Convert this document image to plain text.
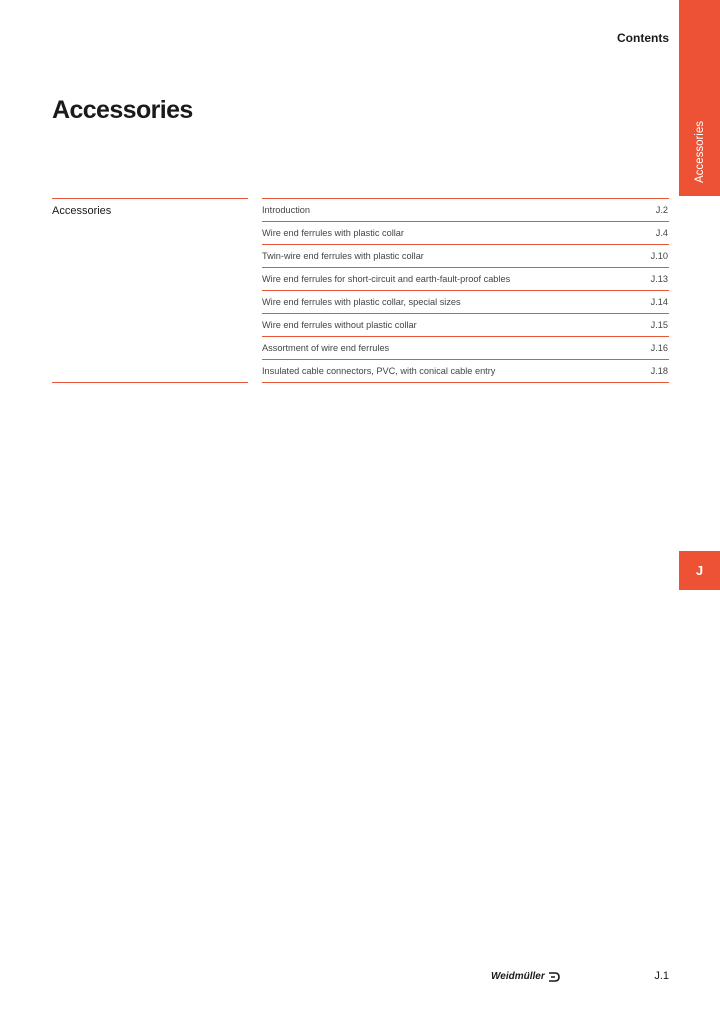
Contents
Accessories
J
Accessories
Accessories	Introduction	J.2
Wire end ferrules with plastic collar	J.4
Twin-wire end ferrules with plastic collar	J.10
Wire end ferrules for short-circuit and earth-fault-proof cables	J.13
Wire end ferrules with plastic collar, special sizes	J.14
Wire end ferrules without plastic collar	J.15
Assortment of wire end ferrules	J.16
Insulated cable connectors, PVC, with conical cable entry	J.18
Weidmüller	J.1
